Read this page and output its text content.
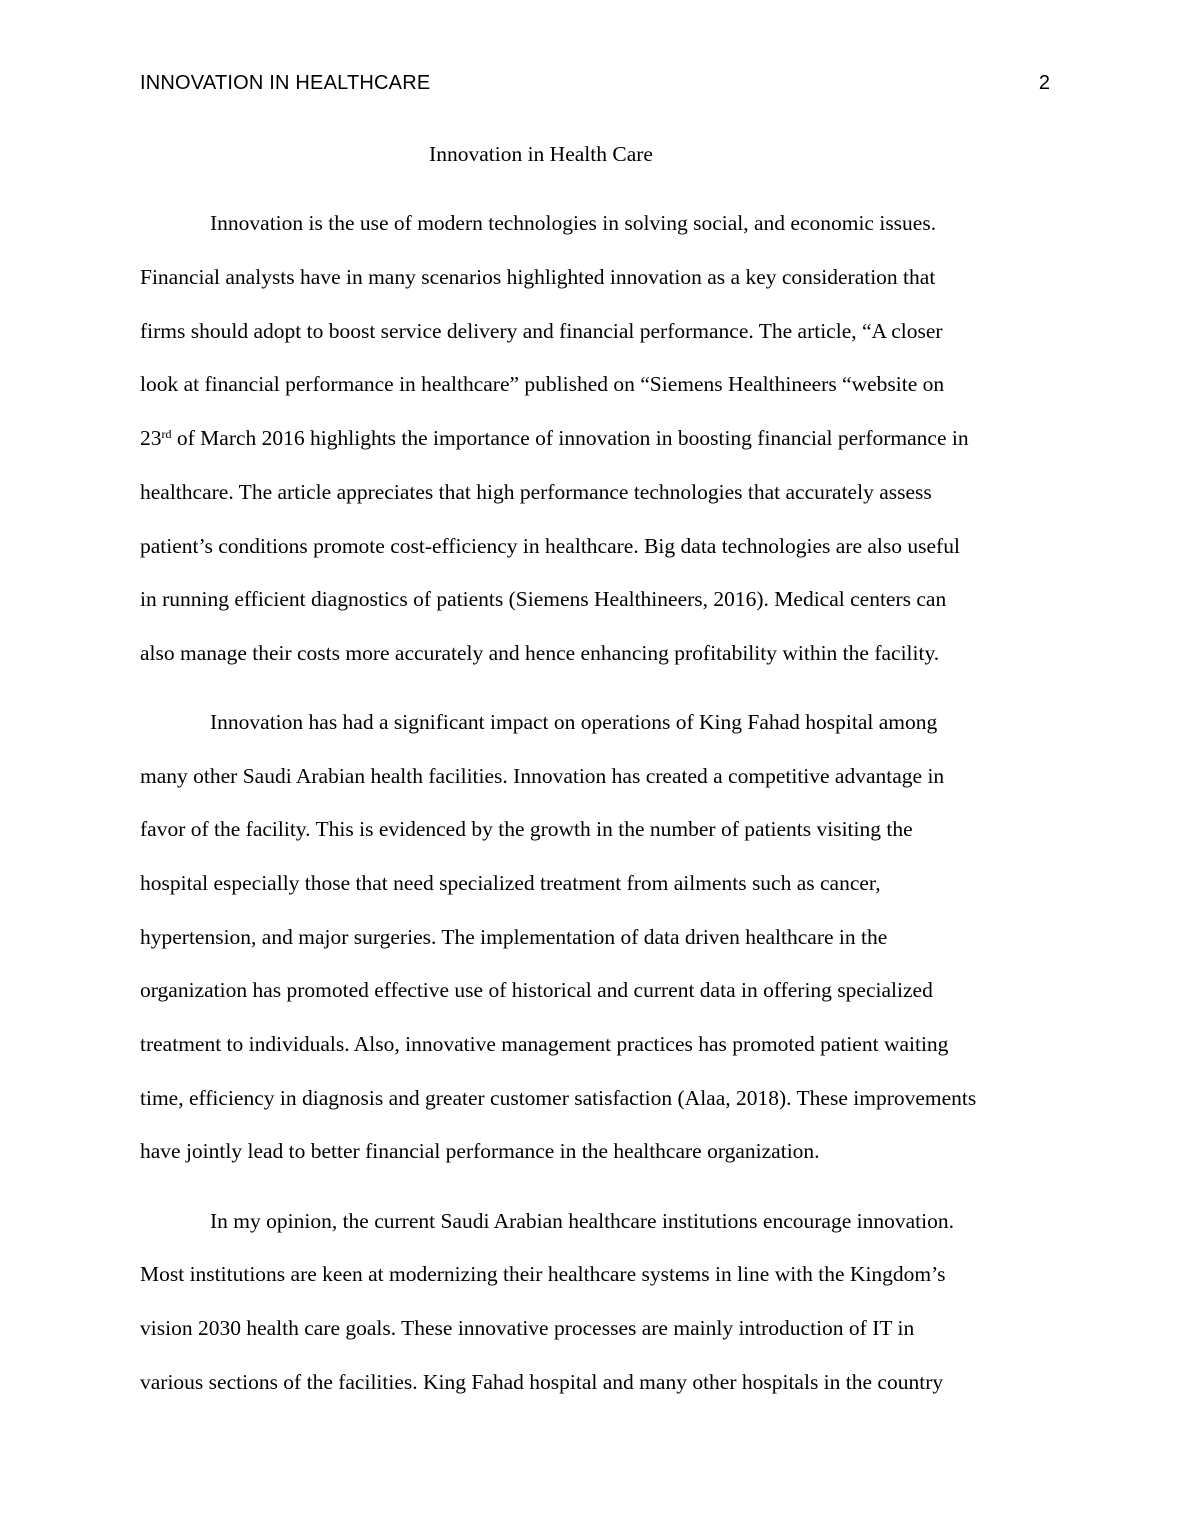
INNOVATION IN HEALTHCARE	2
Innovation in Health Care
Innovation is the use of modern technologies in solving social, and economic issues.
Financial analysts have in many scenarios highlighted innovation as a key consideration that
firms should adopt to boost service delivery and financial performance. The article, “A closer
look at financial performance in healthcare” published on “Siemens Healthineers “website on
23rd of March 2016 highlights the importance of innovation in boosting financial performance in
healthcare. The article appreciates that high performance technologies that accurately assess
patient’s conditions promote cost-efficiency in healthcare. Big data technologies are also useful
in running efficient diagnostics of patients (Siemens Healthineers, 2016). Medical centers can
also manage their costs more accurately and hence enhancing profitability within the facility.
Innovation has had a significant impact on operations of King Fahad hospital among
many other Saudi Arabian health facilities. Innovation has created a competitive advantage in
favor of the facility. This is evidenced by the growth in the number of patients visiting the
hospital especially those that need specialized treatment from ailments such as cancer,
hypertension, and major surgeries. The implementation of data driven healthcare in the
organization has promoted effective use of historical and current data in offering specialized
treatment to individuals. Also, innovative management practices has promoted patient waiting
time, efficiency in diagnosis and greater customer satisfaction (Alaa, 2018). These improvements
have jointly lead to better financial performance in the healthcare organization.
In my opinion, the current Saudi Arabian healthcare institutions encourage innovation.
Most institutions are keen at modernizing their healthcare systems in line with the Kingdom’s
vision 2030 health care goals. These innovative processes are mainly introduction of IT in
various sections of the facilities. King Fahad hospital and many other hospitals in the country
